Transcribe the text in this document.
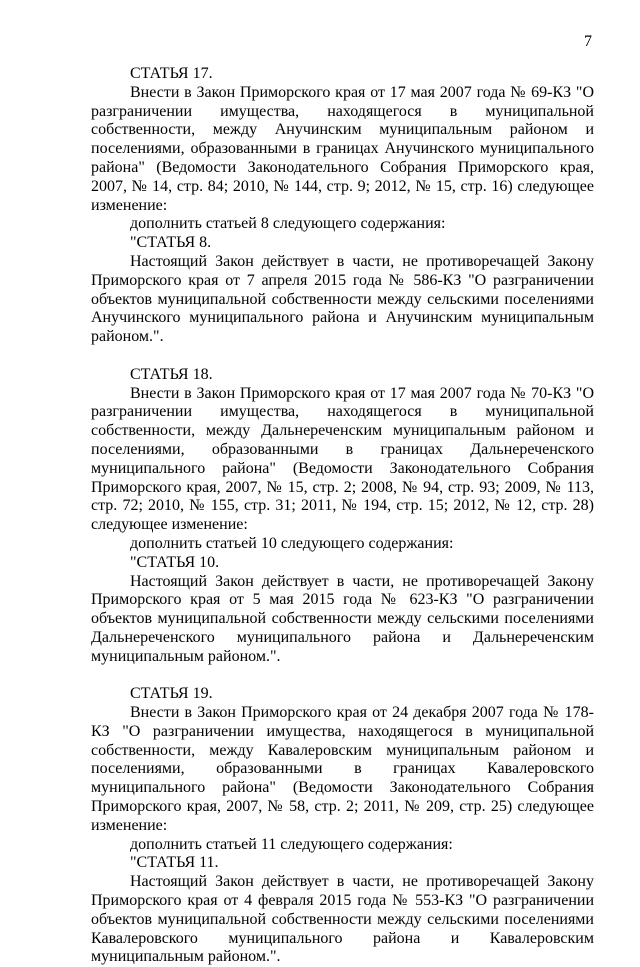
7

СТАТЬЯ 17.

Внести в Закон Приморского края от 17 мая 2007 года № 69-КЗ "О разграничении имущества, находящегося в муниципальной собственности, между Анучинским муниципальным районом и поселениями, образованными в границах Анучинского муниципального района" (Ведомости Законодательного Собрания Приморского края, 2007, № 14, стр. 84; 2010, № 144, стр. 9; 2012, № 15, стр. 16) следующее изменение:

дополнить статьей 8 следующего содержания:

"СТАТЬЯ 8.

Настоящий Закон действует в части, не противоречащей Закону Приморского края от 7 апреля 2015 года № 586-КЗ "О разграничении объектов муниципальной собственности между сельскими поселениями Анучинского муниципального района и Анучинским муниципальным районом.".

СТАТЬЯ 18.

Внести в Закон Приморского края от 17 мая 2007 года № 70-КЗ "О разграничении имущества, находящегося в муниципальной собственности, между Дальнереченским муниципальным районом и поселениями, образованными в границах Дальнереченского муниципального района" (Ведомости Законодательного Собрания Приморского края, 2007, № 15, стр. 2; 2008, № 94, стр. 93; 2009, № 113, стр. 72; 2010, № 155, стр. 31; 2011, № 194, стр. 15; 2012, № 12, стр. 28) следующее изменение:

дополнить статьей 10 следующего содержания:

"СТАТЬЯ 10.

Настоящий Закон действует в части, не противоречащей Закону Приморского края от 5 мая 2015 года № 623-КЗ "О разграничении объектов муниципальной собственности между сельскими поселениями Дальнереченского муниципального района и Дальнереченским муниципальным районом.".

СТАТЬЯ 19.

Внести в Закон Приморского края от 24 декабря 2007 года № 178-КЗ "О разграничении имущества, находящегося в муниципальной собственности, между Кавалеровским муниципальным районом и поселениями, образованными в границах Кавалеровского муниципального района" (Ведомости Законодательного Собрания Приморского края, 2007, № 58, стр. 2; 2011, № 209, стр. 25) следующее изменение:

дополнить статьей 11 следующего содержания:

"СТАТЬЯ 11.

Настоящий Закон действует в части, не противоречащей Закону Приморского края от 4 февраля 2015 года № 553-КЗ "О разграничении объектов муниципальной собственности между сельскими поселениями Кавалеровского муниципального района и Кавалеровским муниципальным районом.".
